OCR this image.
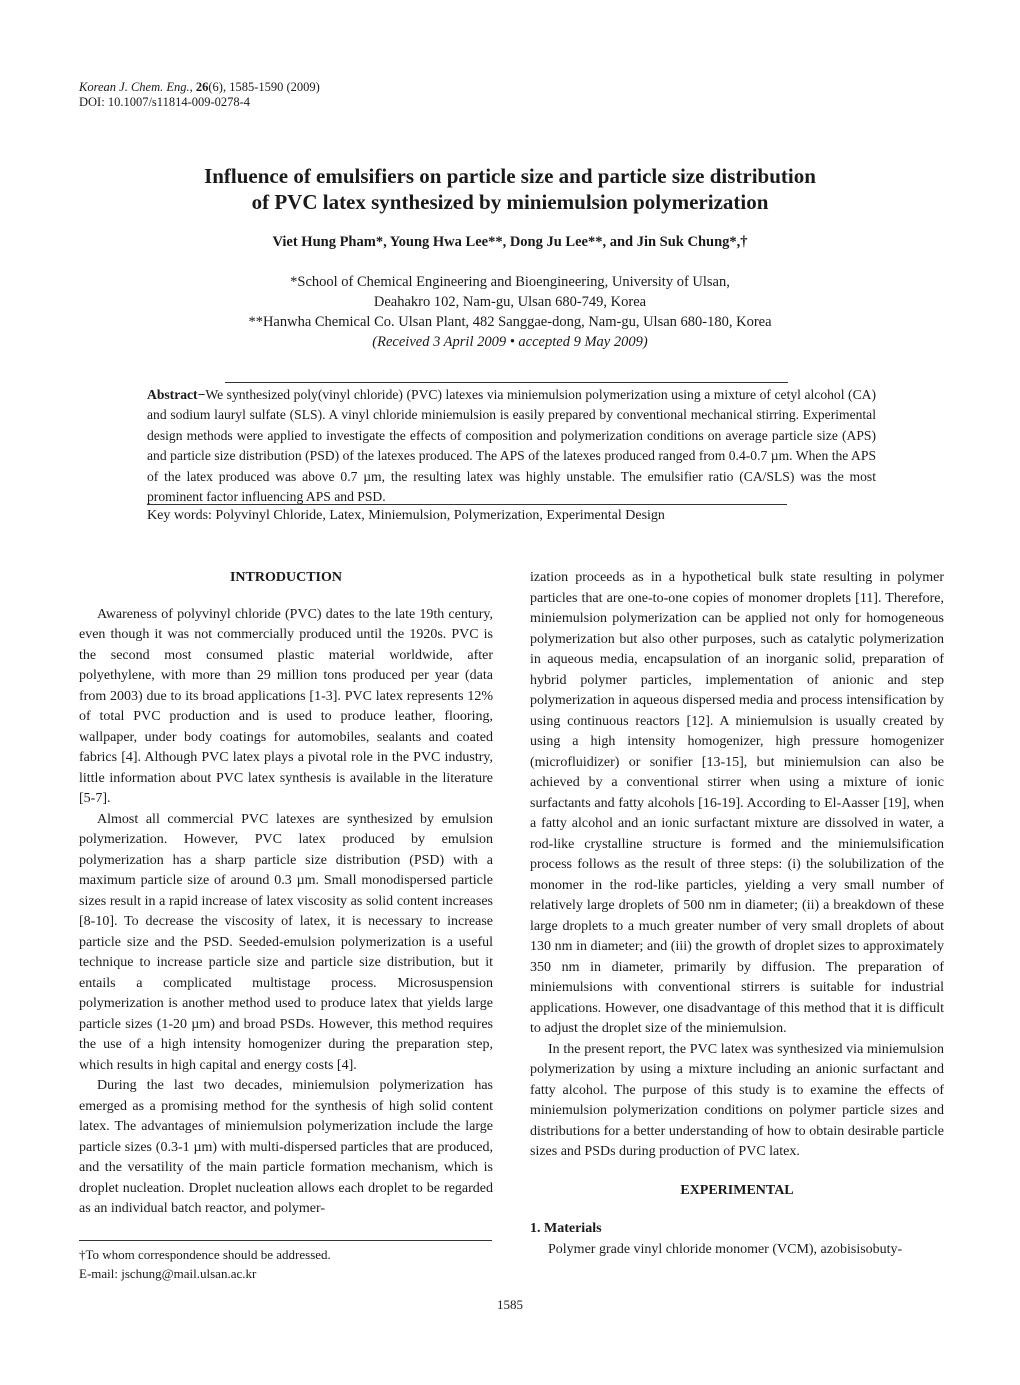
Korean J. Chem. Eng., 26(6), 1585-1590 (2009)
DOI: 10.1007/s11814-009-0278-4
Influence of emulsifiers on particle size and particle size distribution
of PVC latex synthesized by miniemulsion polymerization
Viet Hung Pham*, Young Hwa Lee**, Dong Ju Lee**, and Jin Suk Chung*,†
*School of Chemical Engineering and Bioengineering, University of Ulsan,
Deahakro 102, Nam-gu, Ulsan 680-749, Korea
**Hanwha Chemical Co. Ulsan Plant, 482 Sanggae-dong, Nam-gu, Ulsan 680-180, Korea
(Received 3 April 2009 • accepted 9 May 2009)
Abstract−We synthesized poly(vinyl chloride) (PVC) latexes via miniemulsion polymerization using a mixture of cetyl alcohol (CA) and sodium lauryl sulfate (SLS). A vinyl chloride miniemulsion is easily prepared by conventional mechanical stirring. Experimental design methods were applied to investigate the effects of composition and polymerization conditions on average particle size (APS) and particle size distribution (PSD) of the latexes produced. The APS of the latexes produced ranged from 0.4-0.7 µm. When the APS of the latex produced was above 0.7 µm, the resulting latex was highly unstable. The emulsifier ratio (CA/SLS) was the most prominent factor influencing APS and PSD.
Key words: Polyvinyl Chloride, Latex, Miniemulsion, Polymerization, Experimental Design
INTRODUCTION

Awareness of polyvinyl chloride (PVC) dates to the late 19th century, even though it was not commercially produced until the 1920s. PVC is the second most consumed plastic material worldwide, after polyethylene, with more than 29 million tons produced per year (data from 2003) due to its broad applications [1-3]. PVC latex represents 12% of total PVC production and is used to produce leather, flooring, wallpaper, under body coatings for automobiles, sealants and coated fabrics [4]. Although PVC latex plays a pivotal role in the PVC industry, little information about PVC latex synthesis is available in the literature [5-7].

Almost all commercial PVC latexes are synthesized by emulsion polymerization. However, PVC latex produced by emulsion polymerization has a sharp particle size distribution (PSD) with a maximum particle size of around 0.3 µm. Small monodispersed particle sizes result in a rapid increase of latex viscosity as solid content increases [8-10]. To decrease the viscosity of latex, it is necessary to increase particle size and the PSD. Seeded-emulsion polymerization is a useful technique to increase particle size and particle size distribution, but it entails a complicated multistage process. Microsuspension polymerization is another method used to produce latex that yields large particle sizes (1-20 µm) and broad PSDs. However, this method requires the use of a high intensity homogenizer during the preparation step, which results in high capital and energy costs [4].

During the last two decades, miniemulsion polymerization has emerged as a promising method for the synthesis of high solid content latex. The advantages of miniemulsion polymerization include the large particle sizes (0.3-1 µm) with multi-dispersed particles that are produced, and the versatility of the main particle formation mechanism, which is droplet nucleation. Droplet nucleation allows each droplet to be regarded as an individual batch reactor, and polymer-

ization proceeds as in a hypothetical bulk state resulting in polymer particles that are one-to-one copies of monomer droplets [11]. Therefore, miniemulsion polymerization can be applied not only for homogeneous polymerization but also other purposes, such as catalytic polymerization in aqueous media, encapsulation of an inorganic solid, preparation of hybrid polymer particles, implementation of anionic and step polymerization in aqueous dispersed media and process intensification by using continuous reactors [12]. A miniemulsion is usually created by using a high intensity homogenizer, high pressure homogenizer (microfluidizer) or sonifier [13-15], but miniemulsion can also be achieved by a conventional stirrer when using a mixture of ionic surfactants and fatty alcohols [16-19]. According to El-Aasser [19], when a fatty alcohol and an ionic surfactant mixture are dissolved in water, a rod-like crystalline structure is formed and the miniemulsification process follows as the result of three steps: (i) the solubilization of the monomer in the rod-like particles, yielding a very small number of relatively large droplets of 500 nm in diameter; (ii) a breakdown of these large droplets to a much greater number of very small droplets of about 130 nm in diameter; and (iii) the growth of droplet sizes to approximately 350 nm in diameter, primarily by diffusion. The preparation of miniemulsions with conventional stirrers is suitable for industrial applications. However, one disadvantage of this method that it is difficult to adjust the droplet size of the miniemulsion.

In the present report, the PVC latex was synthesized via miniemulsion polymerization by using a mixture including an anionic surfactant and fatty alcohol. The purpose of this study is to examine the effects of miniemulsion polymerization conditions on polymer particle sizes and distributions for a better understanding of how to obtain desirable particle sizes and PSDs during production of PVC latex.

EXPERIMENTAL
1. Materials

Polymer grade vinyl chloride monomer (VCM), azobisisobuty-

†To whom correspondence should be addressed.
E-mail: jschung@mail.ulsan.ac.kr
1585
